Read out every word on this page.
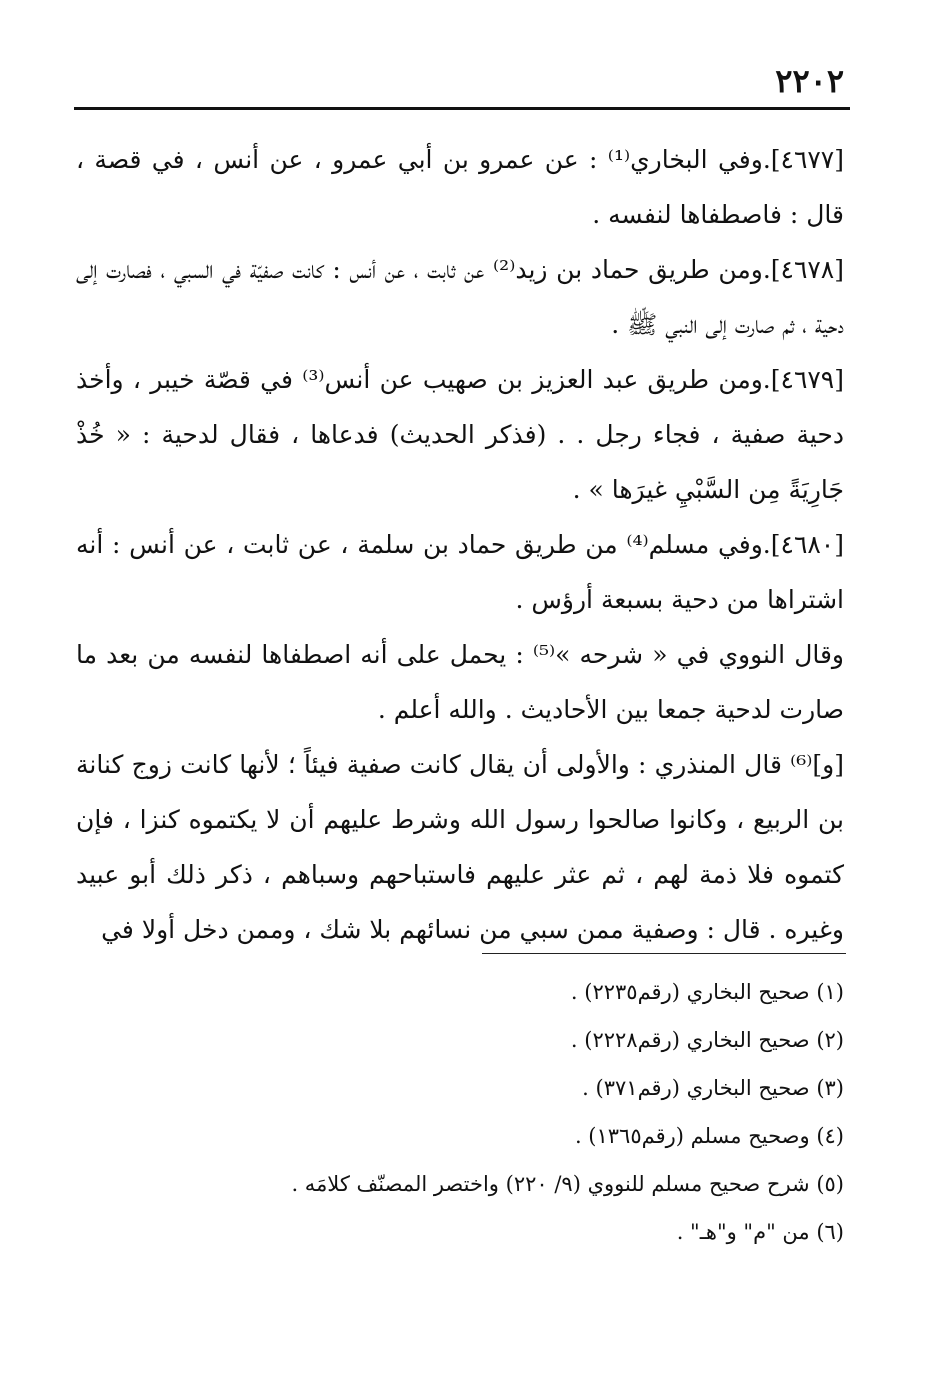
٢٢٠٢

[٤٦٧٧].وفي البخاري⁽¹⁾ : عن عمرو بن أبي عمرو ، عن أنس ، في قصة ، قال : فاصطفاها لنفسه .

[٤٦٧٨].ومن طريق حماد بن زيد⁽²⁾ عن ثابت ، عن أنس : كانت صفيّة في السبي ، فصارت إلى دحية ، ثم صارت إلى النبي ﷺ .

[٤٦٧٩].ومن طريق عبد العزيز بن صهيب عن أنس⁽³⁾ في قصّة خيبر ، وأخذ دحية صفية ، فجاء رجل . . (فذكر الحديث) فدعاها ، فقال لدحية : « خُذْ جَارِيَةً مِن السَّبْيِ غيرَها » .

[٤٦٨٠].وفي مسلم⁽⁴⁾ من طريق حماد بن سلمة ، عن ثابت ، عن أنس : أنه اشتراها من دحية بسبعة أرؤس .

وقال النووي في « شرحه »⁽⁵⁾ : يحمل على أنه اصطفاها لنفسه من بعد ما صارت لدحية جمعا بين الأحاديث . والله أعلم .

[و]⁽⁶⁾ قال المنذري : والأولى أن يقال كانت صفية فيئاً ؛ لأنها كانت زوج كنانة بن الربيع ، وكانوا صالحوا رسول الله وشرط عليهم أن لا يكتموه كنزا ، فإن كتموه فلا ذمة لهم ، ثم عثر عليهم فاستباحهم وسباهم ، ذكر ذلك أبو عبيد وغيره . قال : وصفية ممن سبي من نسائهم بلا شك ، وممن دخل أولا في

(١) صحيح البخاري (رقم٢٢٣٥) .

(٢) صحيح البخاري (رقم٢٢٢٨) .

(٣) صحيح البخاري (رقم٣٧١) .

(٤) وصحيح مسلم (رقم١٣٦٥) .

(٥) شرح صحيح مسلم للنووي (٩/ ٢٢٠) واختصر المصنّف كلامَه .

(٦) من "م" و"هـ" .
